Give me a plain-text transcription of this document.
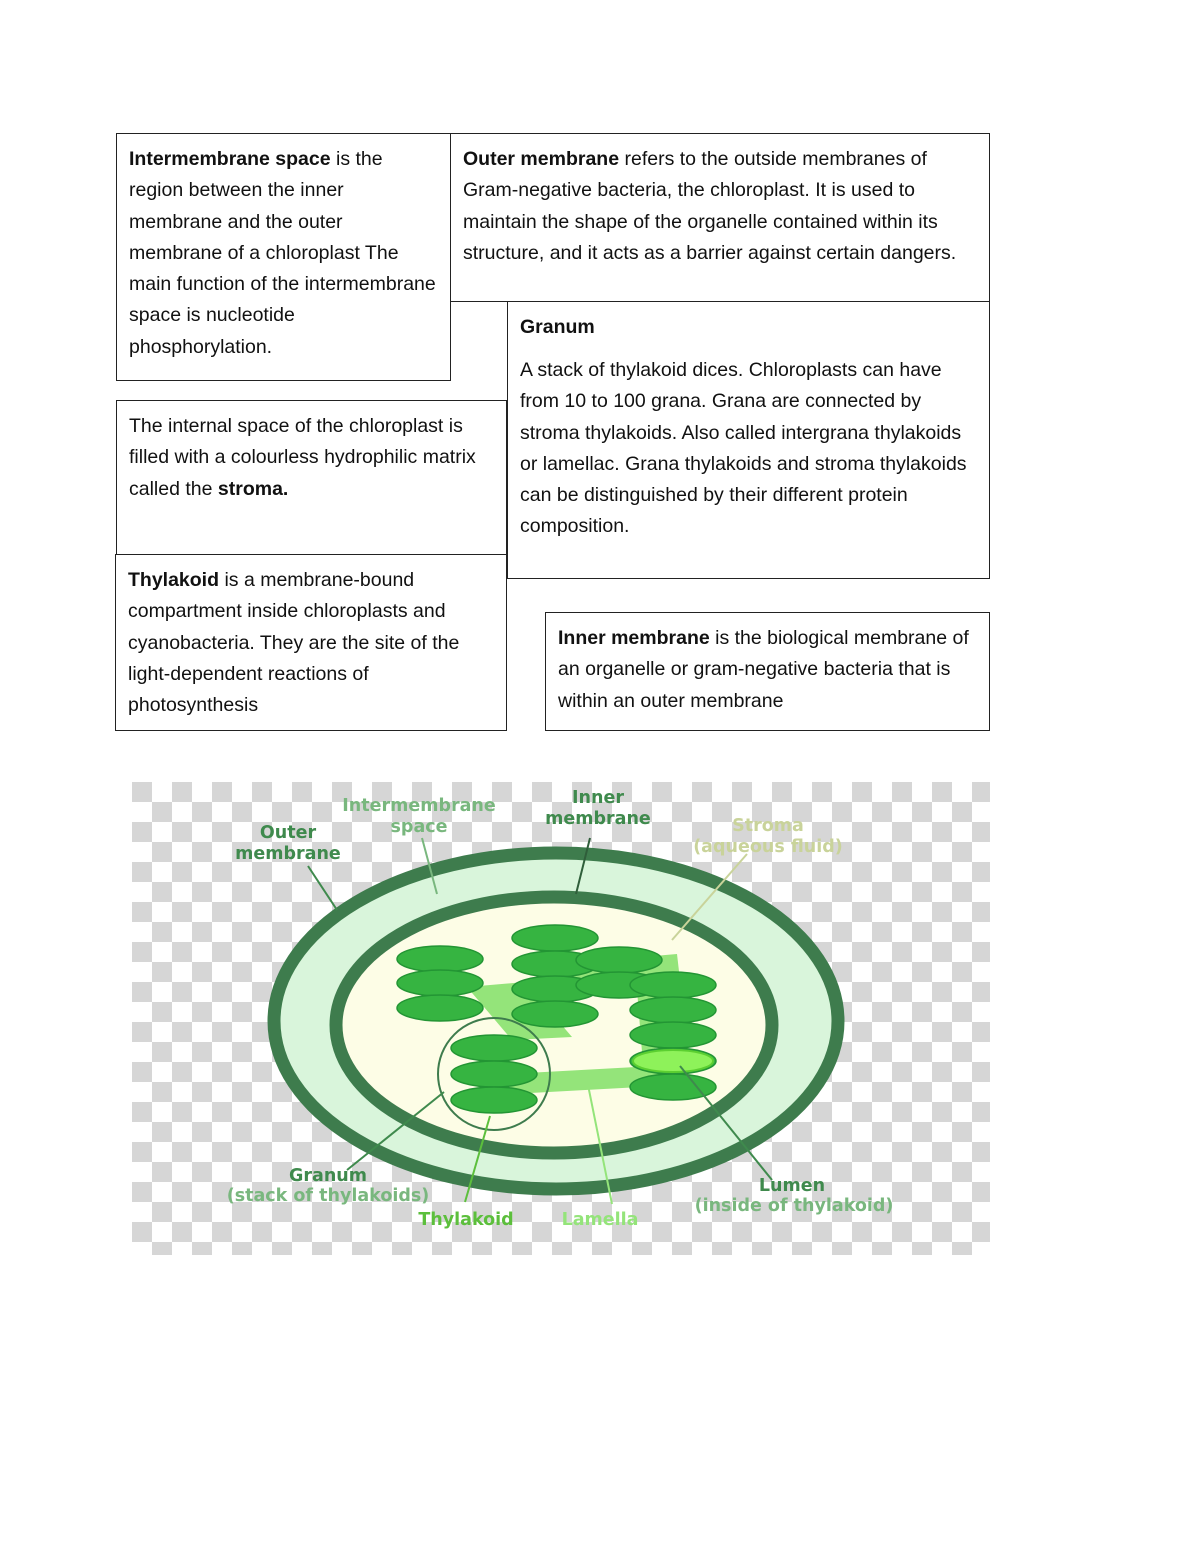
Intermembrane space is the region between the inner membrane and the outer membrane of a chloroplast The main function of the intermembrane space is nucleotide phosphorylation.
Outer membrane refers to the outside membranes of Gram-negative bacteria, the chloroplast. It is used to maintain the shape of the organelle contained within its structure, and it acts as a barrier against certain dangers.
Granum
A stack of thylakoid dices. Chloroplasts can have from 10 to 100 grana. Grana are connected by stroma thylakoids. Also called intergrana thylakoids or lamellac. Grana thylakoids and stroma thylakoids can be distinguished by their different protein composition.
The internal space of the chloroplast is filled with a colourless hydrophilic matrix called the stroma.
Thylakoid is a membrane-bound compartment inside chloroplasts and cyanobacteria. They are the site of the light-dependent reactions of photosynthesis
Inner membrane is the biological membrane of an organelle or gram-negative bacteria that is within an outer membrane
Outer
membrane
Intermembrane
space
Inner
membrane	Stroma
(aqueous fluid)
Granum
(stack of thylakoids)
Thylakoid	Lamella
Lumen
(inside of thylakoid)
